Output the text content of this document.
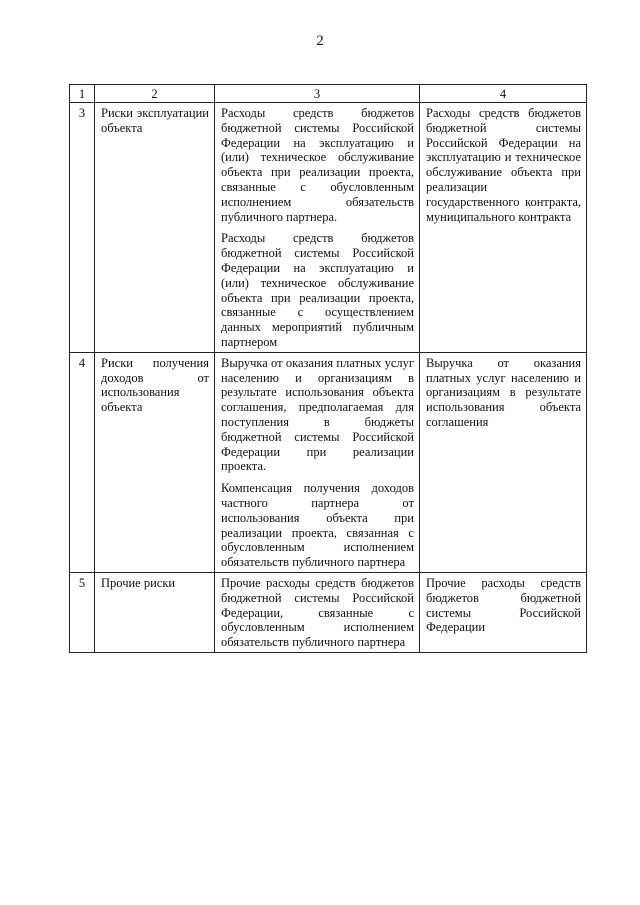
2
1	2	3	4
3	Риски эксплуатации объекта	Расходы средств бюджетов бюджетной системы Российской Федерации на эксплуатацию и (или) техническое обслуживание объекта при реализации проекта, связанные с обусловленным исполнением обязательств публичного партнера.

Расходы средств бюджетов бюджетной системы Российской Федерации на эксплуатацию и (или) техническое обслуживание объекта при реализации проекта, связанные с осуществлением данных мероприятий публичным партнером	Расходы средств бюджетов бюджетной системы Российской Федерации на эксплуатацию и техническое обслуживание объекта при реализации государственного контракта, муниципального контракта
4	Риски получения доходов от использования объекта	Выручка от оказания платных услуг населению и организациям в результате использования объекта соглашения, предполагаемая для поступления в бюджеты бюджетной системы Российской Федерации при реализации проекта.

Компенсация получения доходов частного партнера от использования объекта при реализации проекта, связанная с обусловленным исполнением обязательств публичного партнера	Выручка от оказания платных услуг населению и организациям в результате использования объекта соглашения
5	Прочие риски	Прочие расходы средств бюджетов бюджетной системы Российской Федерации, связанные с обусловленным исполнением обязательств публичного партнера	Прочие расходы средств бюджетов бюджетной системы Российской Федерации
